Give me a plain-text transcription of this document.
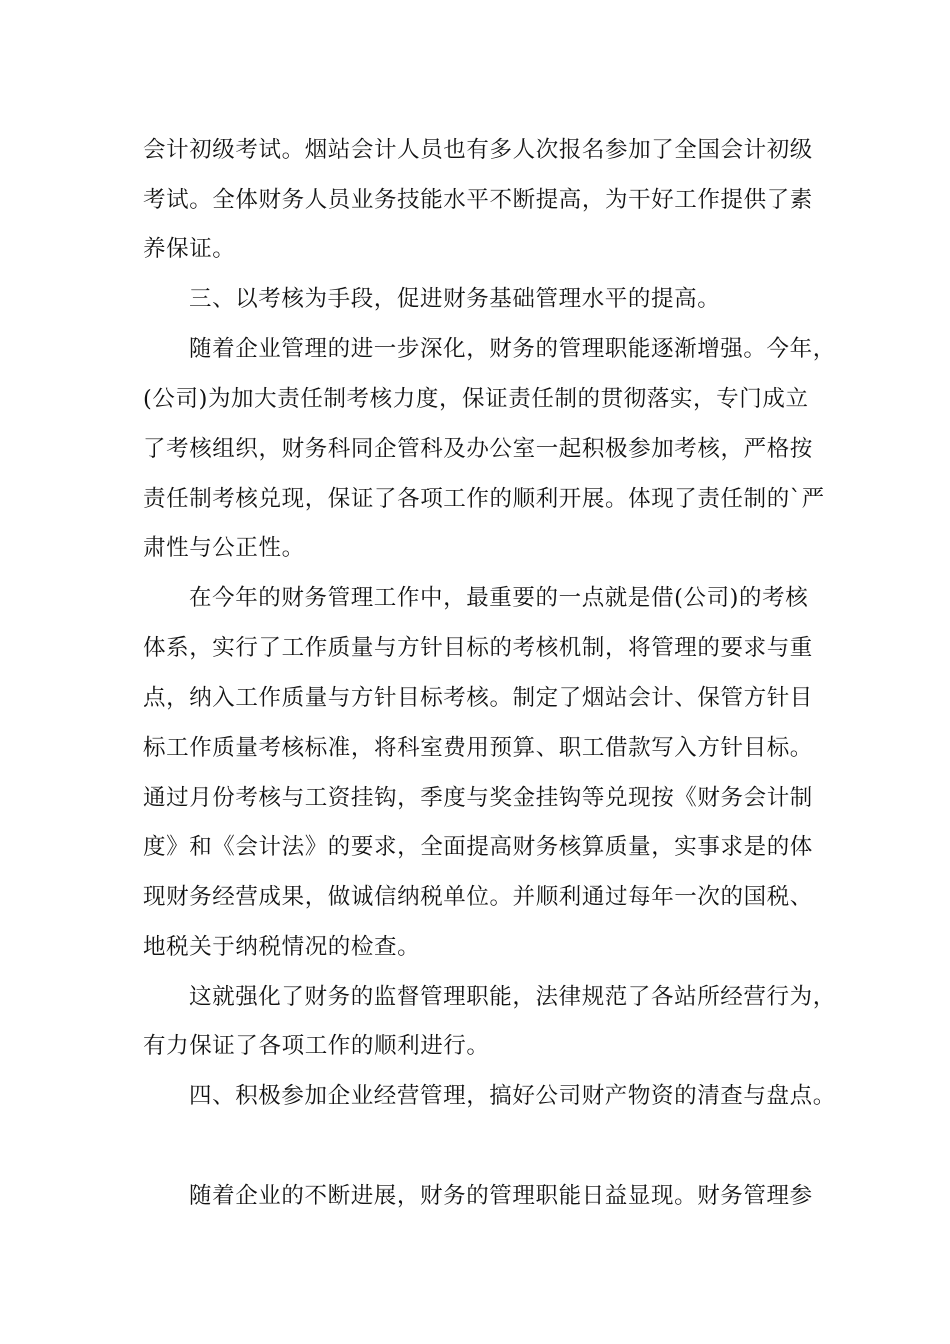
会计初级考试。烟站会计人员也有多人次报名参加了全国会计初级
考试。全体财务人员业务技能水平不断提高，为干好工作提供了素
养保证。
三、以考核为手段，促进财务基础管理水平的提高。
随着企业管理的进一步深化，财务的管理职能逐渐增强。今年，
(公司)为加大责任制考核力度，保证责任制的贯彻落实，专门成立
了考核组织，财务科同企管科及办公室一起积极参加考核，严格按
责任制考核兑现，保证了各项工作的顺利开展。体现了责任制的`严
肃性与公正性。
在今年的财务管理工作中，最重要的一点就是借(公司)的考核
体系，实行了工作质量与方针目标的考核机制，将管理的要求与重
点，纳入工作质量与方针目标考核。制定了烟站会计、保管方针目
标工作质量考核标准，将科室费用预算、职工借款写入方针目标。
通过月份考核与工资挂钩，季度与奖金挂钩等兑现按《财务会计制
度》和《会计法》的要求，全面提高财务核算质量，实事求是的体
现财务经营成果，做诚信纳税单位。并顺利通过每年一次的国税、
地税关于纳税情况的检查。
这就强化了财务的监督管理职能，法律规范了各站所经营行为，
有力保证了各项工作的顺利进行。
四、积极参加企业经营管理，搞好公司财产物资的清查与盘点。
随着企业的不断进展，财务的管理职能日益显现。财务管理参
